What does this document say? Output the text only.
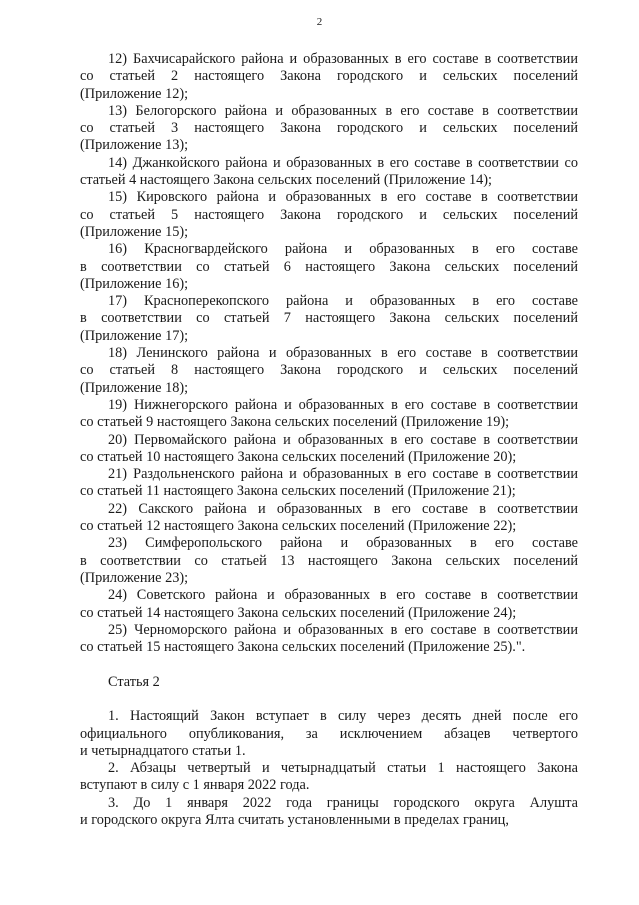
2
12) Бахчисарайского района и образованных в его составе в соответствии
со статьей 2 настоящего Закона городского и сельских поселений
(Приложение 12);
13) Белогорского района и образованных в его составе в соответствии
со статьей 3 настоящего Закона городского и сельских поселений
(Приложение 13);
14) Джанкойского района и образованных в его составе в соответствии со
статьей 4 настоящего Закона сельских поселений (Приложение 14);
15) Кировского района и образованных в его составе в соответствии
со статьей 5 настоящего Закона городского и сельских поселений
(Приложение 15);
16) Красногвардейского района и образованных в его составе
в соответствии со статьей 6 настоящего Закона сельских поселений
(Приложение 16);
17) Красноперекопского района и образованных в его составе
в соответствии со статьей 7 настоящего Закона сельских поселений
(Приложение 17);
18) Ленинского района и образованных в его составе в соответствии
со статьей 8 настоящего Закона городского и сельских поселений
(Приложение 18);
19) Нижнегорского района и образованных в его составе в соответствии
со статьей 9 настоящего Закона сельских поселений (Приложение 19);
20) Первомайского района и образованных в его составе в соответствии
со статьей 10 настоящего Закона сельских поселений (Приложение 20);
21) Раздольненского района и образованных в его составе в соответствии
со статьей 11 настоящего Закона сельских поселений (Приложение 21);
22) Сакского района и образованных в его составе в соответствии
со статьей 12 настоящего Закона сельских поселений (Приложение 22);
23) Симферопольского района и образованных в его составе
в соответствии со статьей 13 настоящего Закона сельских поселений
(Приложение 23);
24) Советского района и образованных в его составе в соответствии
со статьей 14 настоящего Закона сельских поселений (Приложение 24);
25) Черноморского района и образованных в его составе в соответствии
со статьей 15 настоящего Закона сельских поселений (Приложение 25).".
Статья 2
1. Настоящий Закон вступает в силу через десять дней после его
официального опубликования, за исключением абзацев четвертого
и четырнадцатого статьи 1.
2. Абзацы четвертый и четырнадцатый статьи 1 настоящего Закона
вступают в силу с 1 января 2022 года.
3. До 1 января 2022 года границы городского округа Алушта
и городского округа Ялта считать установленными в пределах границ,
